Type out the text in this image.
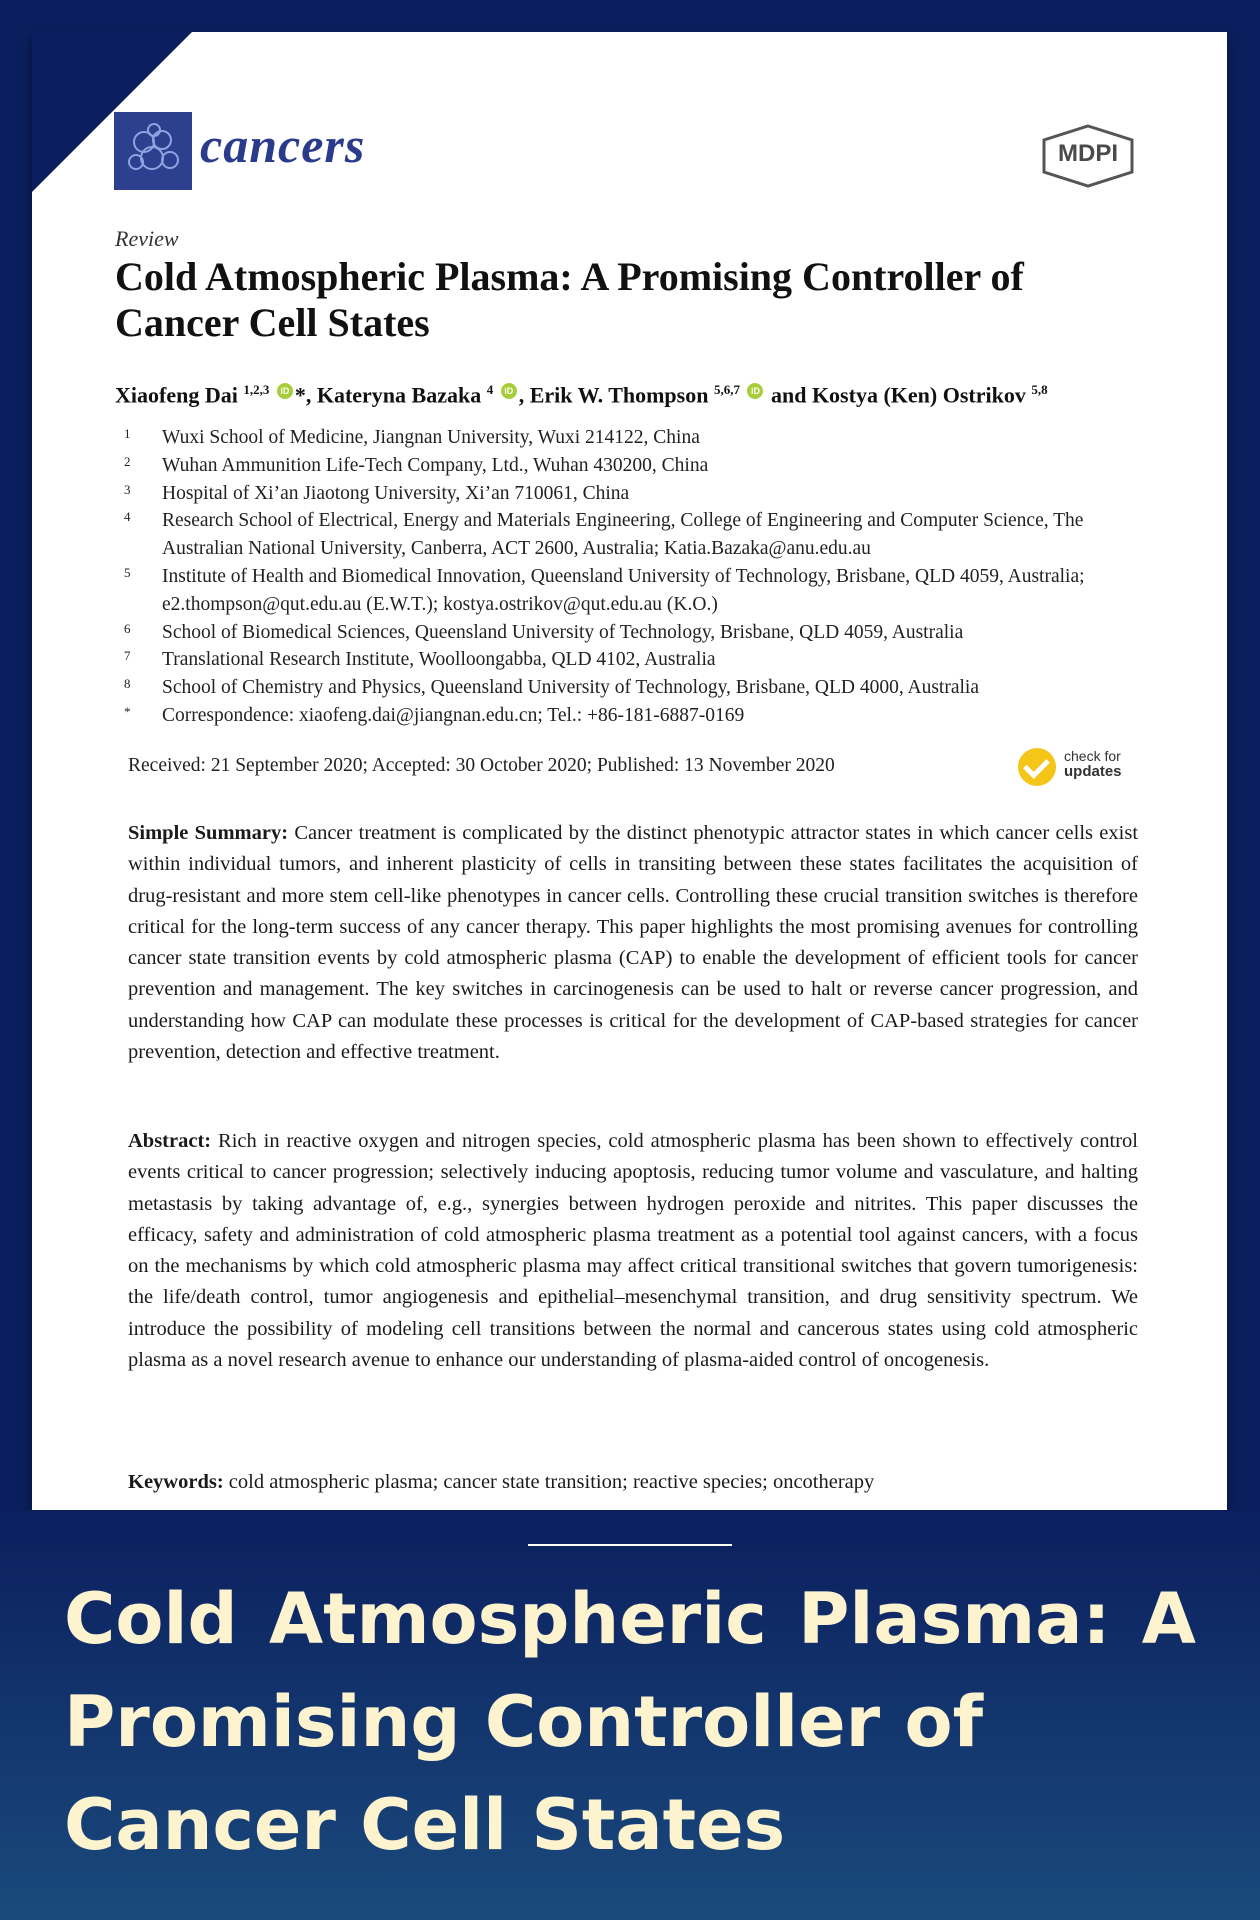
cancers	MDPI
Review
Cold Atmospheric Plasma: A Promising Controller of
Cancer Cell States
Xiaofeng Dai $^{1,2,3}$ iD *, Kateryna Bazaka $^4$ iD , Erik W. Thompson $^{5,6,7}$ iD and Kostya (Ken) Ostrikov $^{5,8}$
1	Wuxi School of Medicine, Jiangnan University, Wuxi 214122, China
2	Wuhan Ammunition Life-Tech Company, Ltd., Wuhan 430200, China
3	Hospital of Xi’an Jiaotong University, Xi’an 710061, China
4	Research School of Electrical, Energy and Materials Engineering, College of Engineering and Computer Science, The Australian National University, Canberra, ACT 2600, Australia; Katia.Bazaka@anu.edu.au
5	Institute of Health and Biomedical Innovation, Queensland University of Technology, Brisbane, QLD 4059, Australia; e2.thompson@qut.edu.au (E.W.T.); kostya.ostrikov@qut.edu.au (K.O.)
6	School of Biomedical Sciences, Queensland University of Technology, Brisbane, QLD 4059, Australia
7	Translational Research Institute, Woolloongabba, QLD 4102, Australia
8	School of Chemistry and Physics, Queensland University of Technology, Brisbane, QLD 4000, Australia
*	Correspondence: xiaofeng.dai@jiangnan.edu.cn; Tel.: +86-181-6887-0169
Received: 21 September 2020; Accepted: 30 October 2020; Published: 13 November 2020	check for
updates
Simple Summary: Cancer treatment is complicated by the distinct phenotypic attractor states in which cancer cells exist within individual tumors, and inherent plasticity of cells in transiting between these states facilitates the acquisition of drug-resistant and more stem cell-like phenotypes in cancer cells. Controlling these crucial transition switches is therefore critical for the long-term success of any cancer therapy. This paper highlights the most promising avenues for controlling cancer state transition events by cold atmospheric plasma (CAP) to enable the development of efficient tools for cancer prevention and management. The key switches in carcinogenesis can be used to halt or reverse cancer progression, and understanding how CAP can modulate these processes is critical for the development of CAP-based strategies for cancer prevention, detection and effective treatment.
Abstract: Rich in reactive oxygen and nitrogen species, cold atmospheric plasma has been shown to effectively control events critical to cancer progression; selectively inducing apoptosis, reducing tumor volume and vasculature, and halting metastasis by taking advantage of, e.g., synergies between hydrogen peroxide and nitrites. This paper discusses the efficacy, safety and administration of cold atmospheric plasma treatment as a potential tool against cancers, with a focus on the mechanisms by which cold atmospheric plasma may affect critical transitional switches that govern tumorigenesis: the life/death control, tumor angiogenesis and epithelial–mesenchymal transition, and drug sensitivity spectrum. We introduce the possibility of modeling cell transitions between the normal and cancerous states using cold atmospheric plasma as a novel research avenue to enhance our understanding of plasma-aided control of oncogenesis.
Keywords: cold atmospheric plasma; cancer state transition; reactive species; oncotherapy
Cold Atmospheric Plasma: A
Promising Controller of
Cancer Cell States
